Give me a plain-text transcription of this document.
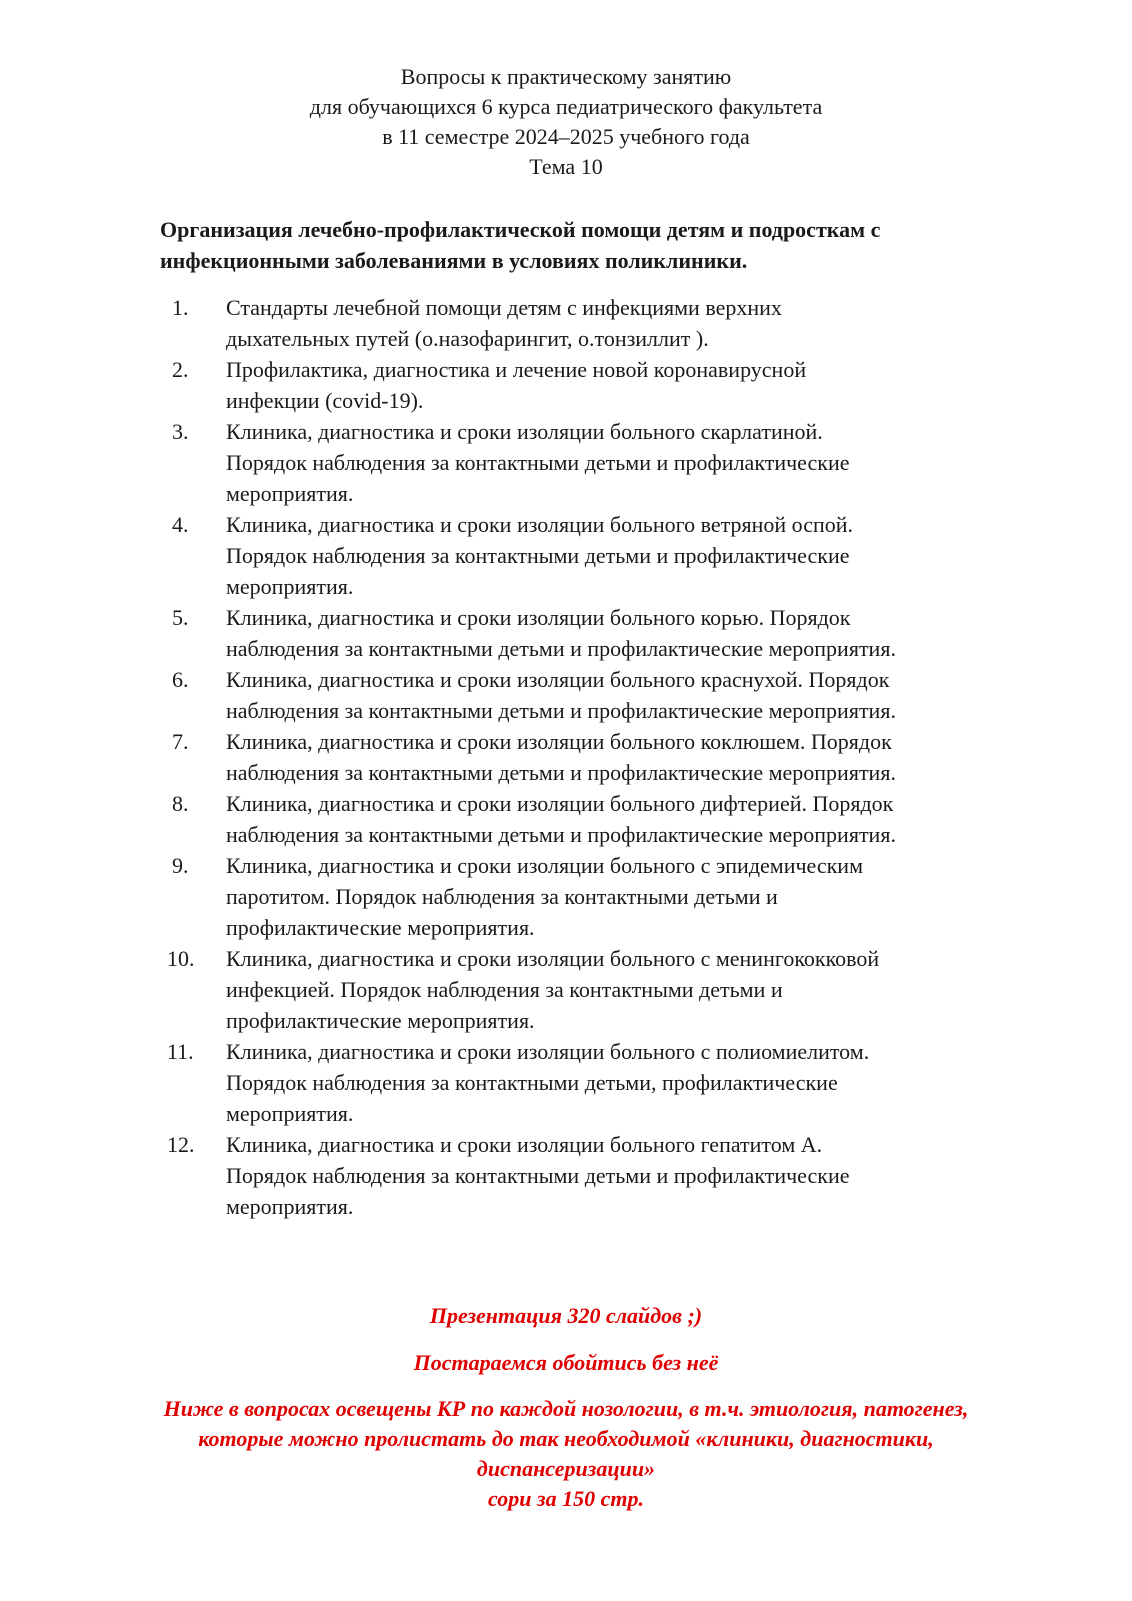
Вопросы к практическому занятию
для обучающихся 6 курса педиатрического факультета
в 11 семестре 2024–2025 учебного года
Тема 10
Организация лечебно-профилактической помощи детям и подросткам с
инфекционными заболеваниями в условиях поликлиники.
1.	Стандарты лечебной помощи детям с инфекциями верхних
дыхательных путей (о.назофарингит, о.тонзиллит ).
2.	Профилактика, диагностика и лечение новой коронавирусной
инфекции (covid-19).
3.	Клиника, диагностика и сроки изоляции больного скарлатиной.
Порядок наблюдения за контактными детьми и профилактические
мероприятия.
4.	Клиника, диагностика и сроки изоляции больного ветряной оспой.
Порядок наблюдения за контактными детьми и профилактические
мероприятия.
5.	Клиника, диагностика и сроки изоляции больного корью. Порядок
наблюдения за контактными детьми и профилактические мероприятия.
6.	Клиника, диагностика и сроки изоляции больного краснухой. Порядок
наблюдения за контактными детьми и профилактические мероприятия.
7.	Клиника, диагностика и сроки изоляции больного коклюшем. Порядок
наблюдения за контактными детьми и профилактические мероприятия.
8.	Клиника, диагностика и сроки изоляции больного дифтерией. Порядок
наблюдения за контактными детьми и профилактические мероприятия.
9.	Клиника, диагностика и сроки изоляции больного с эпидемическим
паротитом. Порядок наблюдения за контактными детьми и
профилактические мероприятия.
10.	Клиника, диагностика и сроки изоляции больного с менингококковой
инфекцией. Порядок наблюдения за контактными детьми и
профилактические мероприятия.
11.	Клиника, диагностика и сроки изоляции больного с полиомиелитом.
Порядок наблюдения за контактными детьми, профилактические
мероприятия.
12.	Клиника, диагностика и сроки изоляции больного гепатитом А.
Порядок наблюдения за контактными детьми и профилактические
мероприятия.
Презентация 320 слайдов ;)
Постараемся обойтись без неё
Ниже в вопросах освещены КР по каждой нозологии, в т.ч. этиология, патогенез,
которые можно пролистать до так необходимой «клиники, диагностики,
диспансеризации»
сори за 150 стр.
